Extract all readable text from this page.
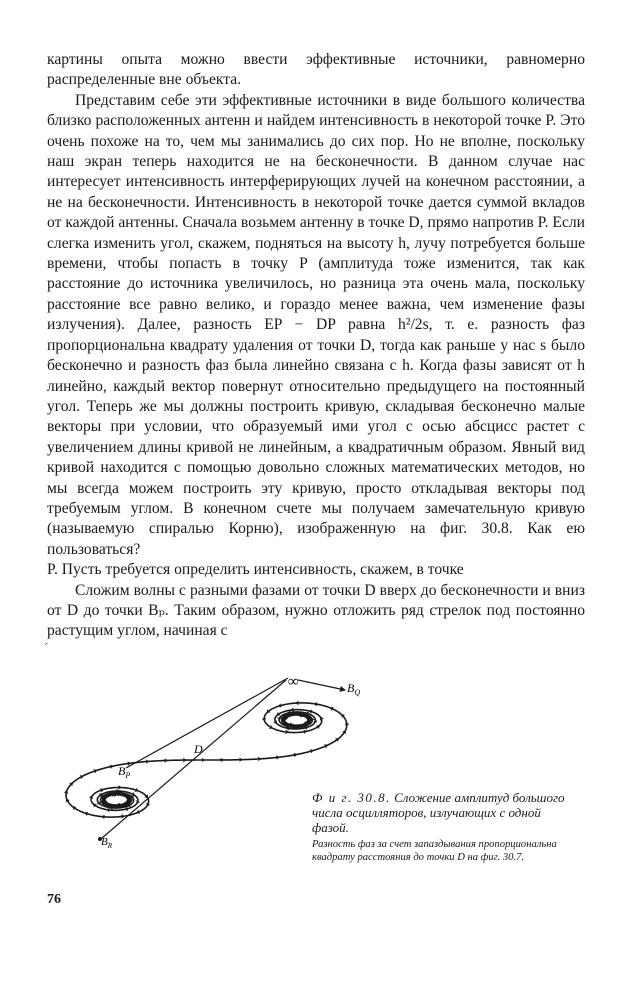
картины опыта можно ввести эффективные источники, равномерно распределенные вне объекта.

Представим себе эти эффективные источники в виде большого количества близко расположенных антенн и найдем интенсивность в некоторой точке P. Это очень похоже на то, чем мы занимались до сих пор. Но не вполне, поскольку наш экран теперь находится не на бесконечности. В данном случае нас интересует интенсивность интерферирующих лучей на конечном расстоянии, а не на бесконечности. Интенсивность в некоторой точке дается суммой вкладов от каждой антенны. Сначала возьмем антенну в точке D, прямо напротив P. Если слегка изменить угол, скажем, подняться на высоту h, лучу потребуется больше времени, чтобы попасть в точку P (амплитуда тоже изменится, так как расстояние до источника увеличилось, но разница эта очень мала, поскольку расстояние все равно велико, и гораздо менее важна, чем изменение фазы излучения). Далее, разность EP − DP равна h²/2s, т. е. разность фаз пропорциональна квадрату удаления от точки D, тогда как раньше у нас s было бесконечно и разность фаз была линейно связана с h. Когда фазы зависят от h линейно, каждый вектор повернут относительно предыдущего на постоянный угол. Теперь же мы должны построить кривую, складывая бесконечно малые векторы при условии, что образуемый ими угол с осью абсцисс растет с увеличением длины кривой не линейным, а квадратичным образом. Явный вид кривой находится с помощью довольно сложных математических методов, но мы всегда можем построить эту кривую, просто откладывая векторы под требуемым углом. В конечном счете мы получаем замечательную кривую (называемую спиралью Корню), изображенную на фиг. 30.8. Как ею пользоваться?

P. Пусть требуется определить интенсивность, скажем, в точке

Сложим волны с разными фазами от точки D вверх до бесконечности и вниз от D до точки Bₚ. Таким образом, нужно отложить ряд стрелок под постоянно растущим углом, начиная с

´
∞	$B_Q$
$B_P$
D
$B_R$
Ф и г. 30.8. Сложение амплитуд большого числа осцилляторов, излучающих с одной фазой.
Разность фаз за счет запаздывания пропорциональна квадрату расстояния до точки D на фиг. 30.7.
76
